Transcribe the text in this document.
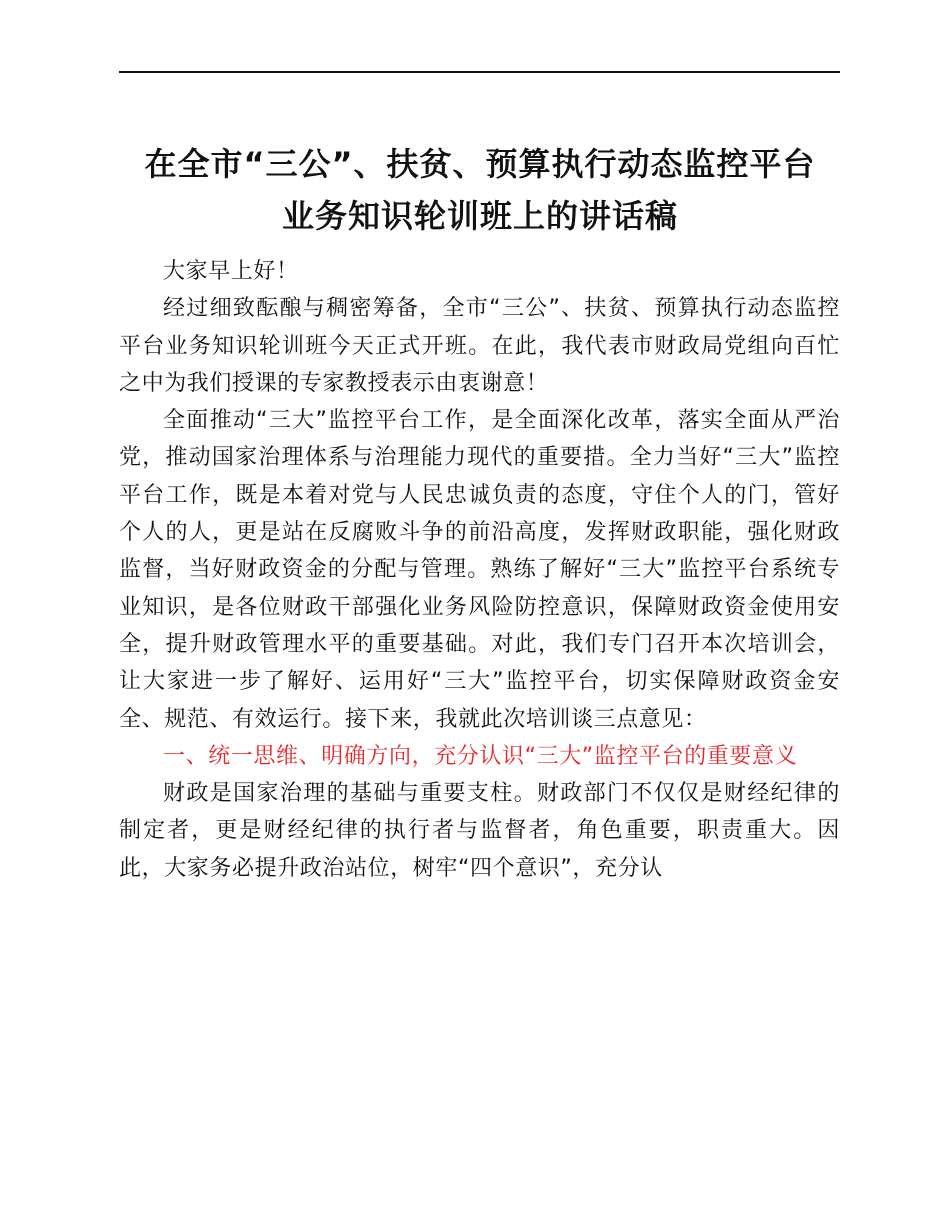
在全市“三公”、扶贫、预算执行动态监控平台
业务知识轮训班上的讲话稿

大家早上好！

经过细致酝酿与稠密筹备，全市“三公”、扶贫、预算执行动态监控平台业务知识轮训班今天正式开班。在此，我代表市财政局党组向百忙之中为我们授课的专家教授表示由衷谢意！

全面推动“三大”监控平台工作，是全面深化改革，落实全面从严治党，推动国家治理体系与治理能力现代的重要措。全力当好“三大”监控平台工作，既是本着对党与人民忠诚负责的态度，守住个人的门，管好个人的人，更是站在反腐败斗争的前沿高度，发挥财政职能，强化财政监督，当好财政资金的分配与管理。熟练了解好“三大”监控平台系统专业知识，是各位财政干部强化业务风险防控意识，保障财政资金使用安全，提升财政管理水平的重要基础。对此，我们专门召开本次培训会，让大家进一步了解好、运用好“三大”监控平台，切实保障财政资金安全、规范、有效运行。接下来，我就此次培训谈三点意见：

一、统一思维、明确方向，充分认识“三大”监控平台的重要意义

财政是国家治理的基础与重要支柱。财政部门不仅仅是财经纪律的制定者，更是财经纪律的执行者与监督者，角色重要，职责重大。因此，大家务必提升政治站位，树牢“四个意识”，充分认
